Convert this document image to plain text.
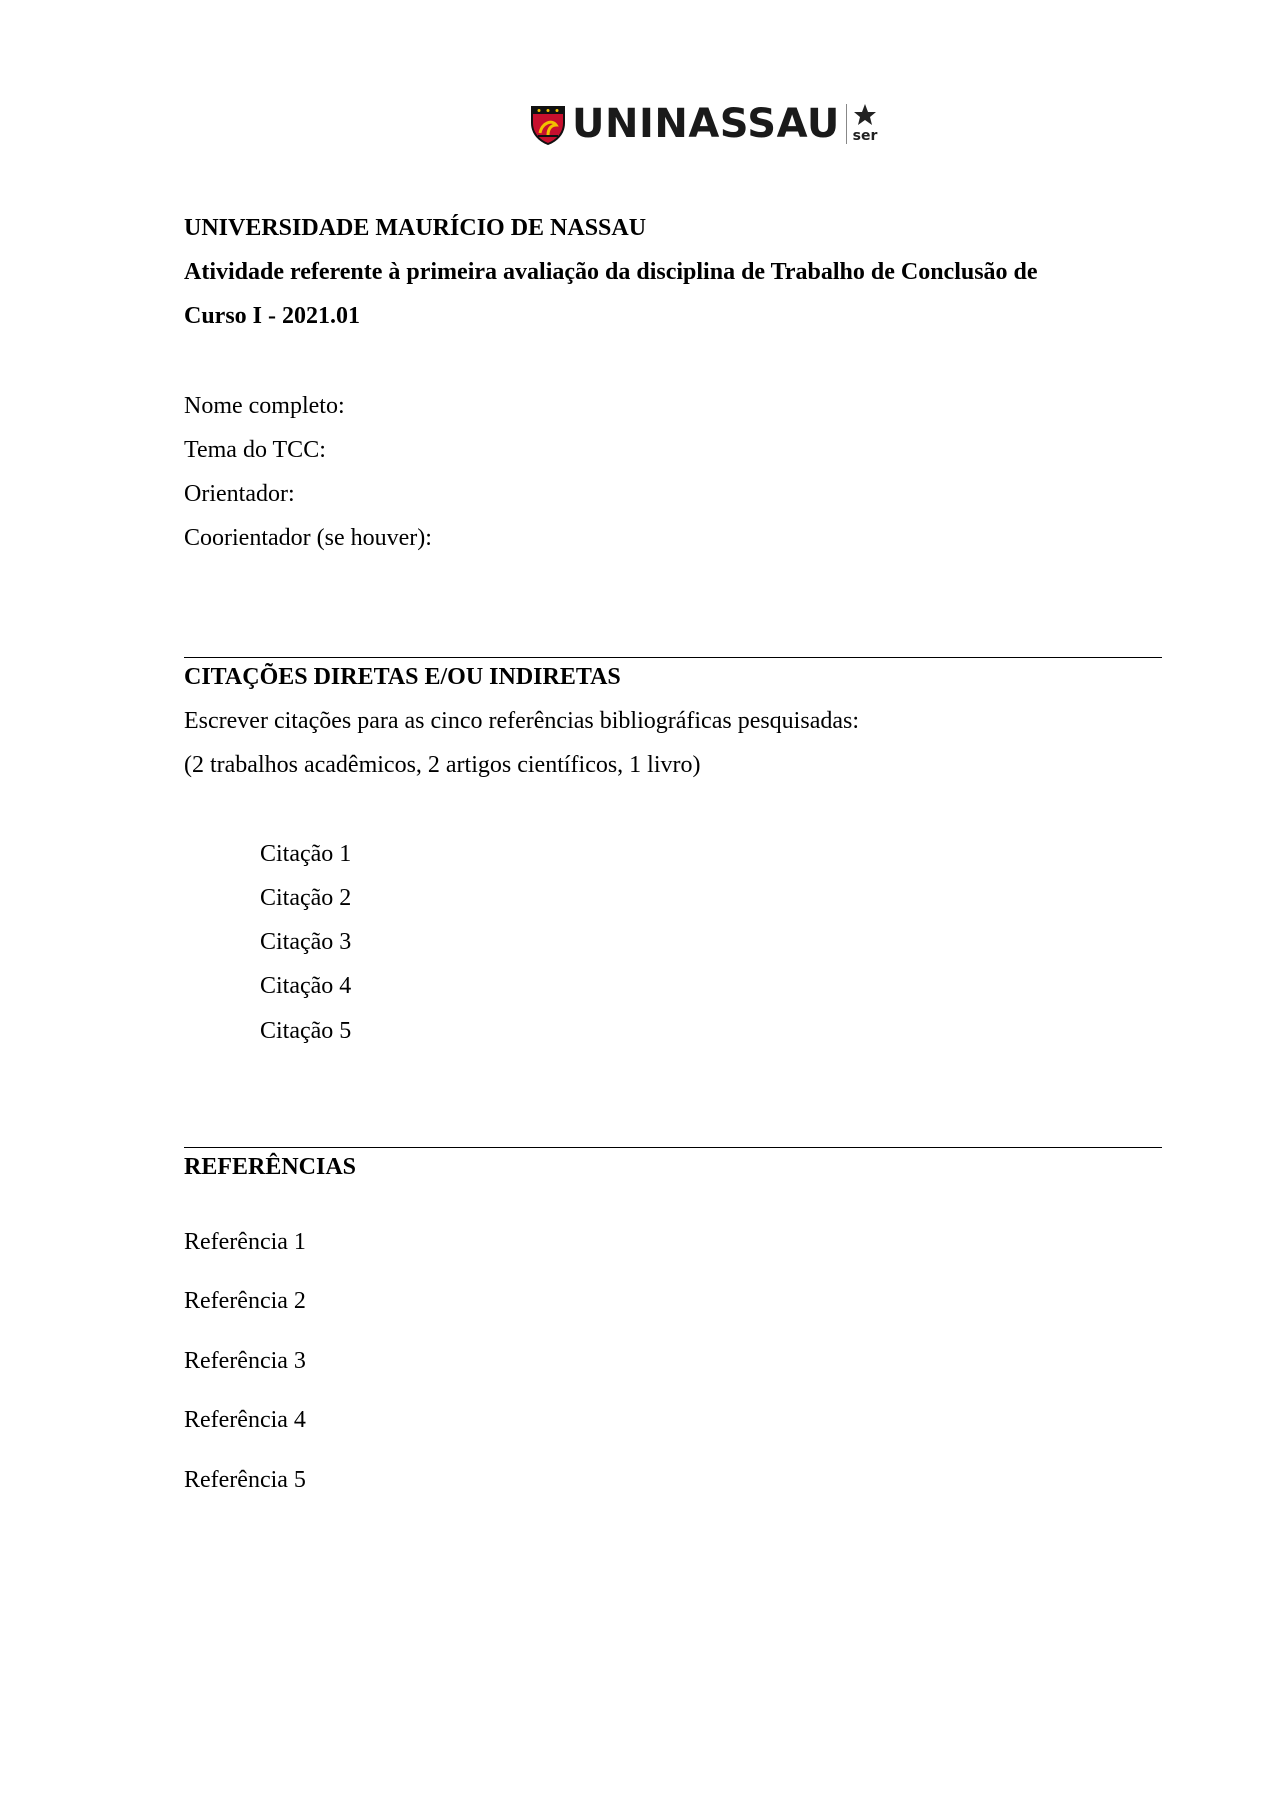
UNINASSAU ser
UNIVERSIDADE MAURÍCIO DE NASSAU
Atividade referente à primeira avaliação da disciplina de Trabalho de Conclusão de
Curso I - 2021.01
Nome completo:
Tema do TCC:
Orientador:
Coorientador (se houver):
CITAÇÕES DIRETAS E/OU INDIRETAS
Escrever citações para as cinco referências bibliográficas pesquisadas:
(2 trabalhos acadêmicos, 2 artigos científicos, 1 livro)
Citação 1
Citação 2
Citação 3
Citação 4
Citação 5
REFERÊNCIAS
Referência 1
Referência 2
Referência 3
Referência 4
Referência 5
